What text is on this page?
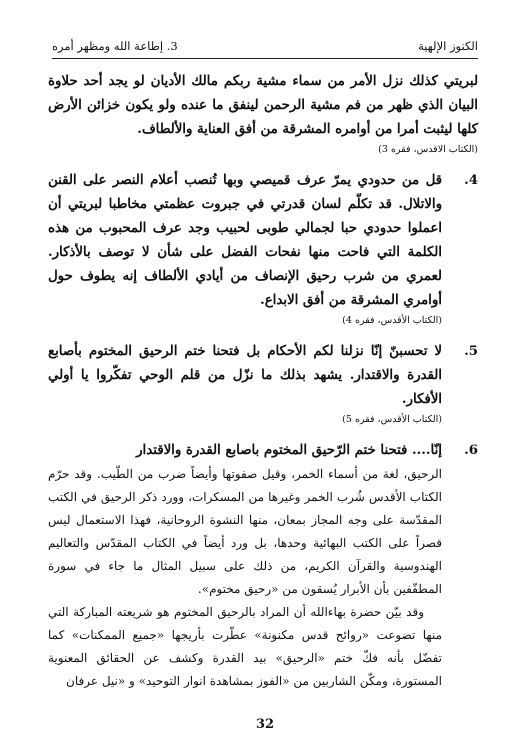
الكنوز الإلهية
3. إطاعة الله ومظهر أمره
لبريتي كذلك نزل الأمر من سماء مشية ربكم مالك الأديان لو يجد أحد حلاوة البيان الذي ظهر من فم مشية الرحمن لينفق ما عنده ولو يكون خزائن الأرض كلها ليثبت أمرا من أوامره المشرقة من أفق العناية والألطاف.
(الكتاب الاقدس، فقره 3)
4.
قل من حدودي يمرّ عرف قميصي وبها تُنصب أعلام النصر على القنن والاتلال. قد تكلّم لسان قدرتي في جبروت عظمتي مخاطبا لبريتي أن اعملوا حدودي حبا لجمالي طوبى لحبيب وجد عرف المحبوب من هذه الكلمة التي فاحت منها نفحات الفضل على شأن لا توصف بالأذكار. لعمري من شرب رحيق الإنصاف من أيادي الألطاف إنه يطوف حول أوامري المشرقة من أفق الابداع.
(الكتاب الأقدس، فقره 4)
5.
لا تحسبنّ إنّا نزلنا لكم الأحكام بل فتحنا ختم الرحيق المختوم بأصابع القدرة والاقتدار. يشهد بذلك ما نزّل من قلم الوحي تفكّروا يا أولي الأفكار.
(الكتاب الأقدس، فقره 5)
6.
إنّا.... فتحنا ختم الرّحيق المختوم باصابع القدرة والاقتدار

الرحيق، لغة من أسماء الخمر، وقيل صفوتها وأيضاً ضرب من الطّيب. وقد حرّم الكتاب الأقدس شُرب الخمر وغيرها من المسكرات، وورد ذكر الرحيق في الكتب المقدّسة على وجه المجاز بمعان، منها النشوة الروحانية، فهذا الاستعمال ليس قصراً على الكتب البهائية وحدها، بل ورد أيضاً في الكتاب المقدّس والتعاليم الهندوسية والقرآن الكريم، من ذلك على سبيل المثال ما جاء في سورة المطفّفين بأن الأبرار يُسقون من «رحيق مختوم».

وقد بيّن حضرة بهاءالله أن المراد بالرحيق المختوم هو شريعته المباركة التي منها تضوعت «روائح قدس مكنونة» عطّرت بأريجها «جميع الممكنات» كما تفضّل بأنه فكّ ختم «الرحيق» بيد القدرة وكشف عن الحقائق المعنوية المستورة، ومكّن الشاربين من «الفوز بمشاهدة انوار التوحيد» و «نيل عرفان

32
